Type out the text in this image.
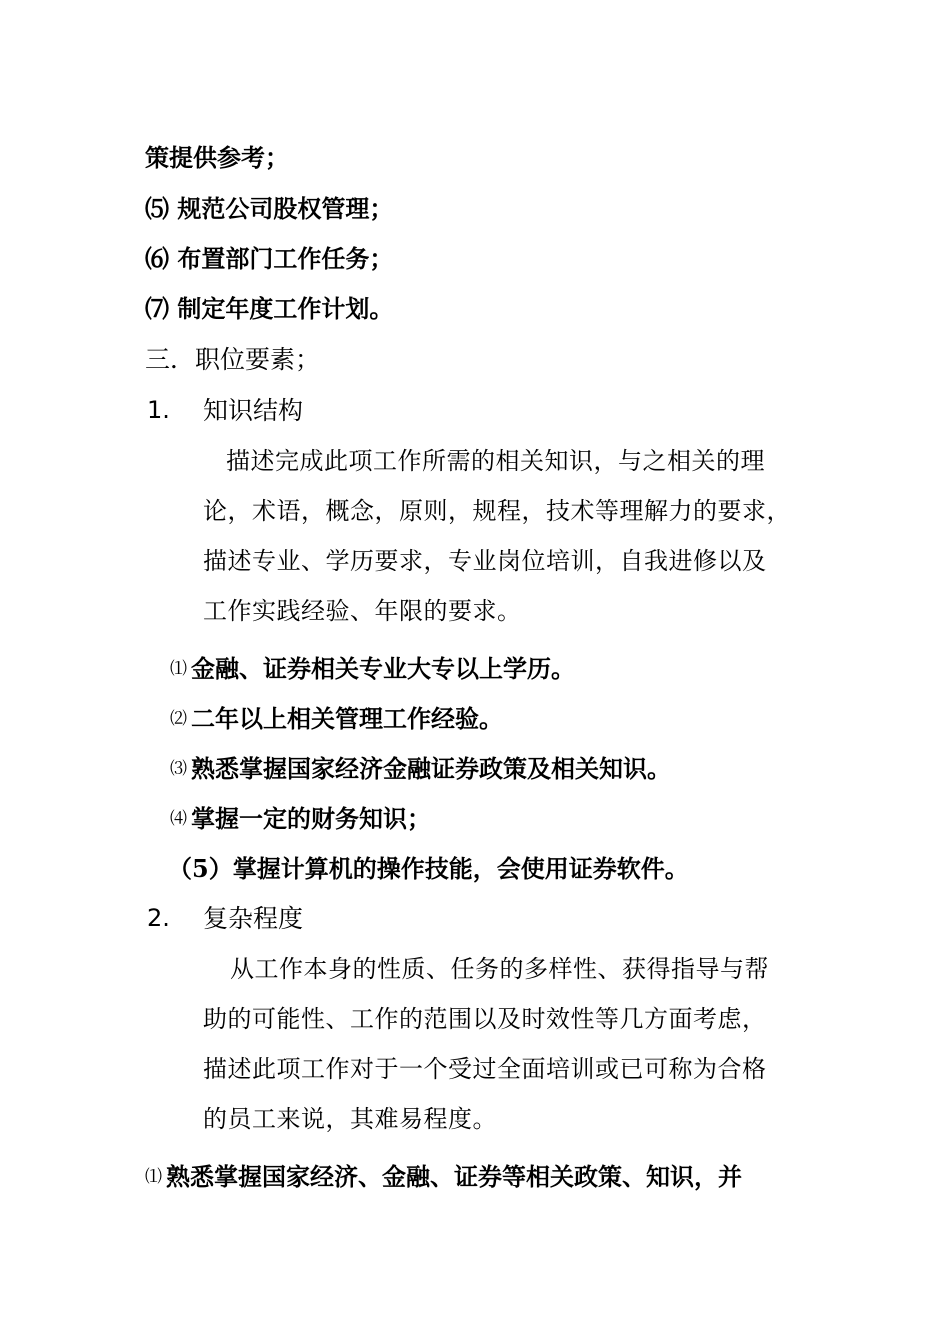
策提供参考；
⑸ 规范公司股权管理；
⑹ 布置部门工作任务；
⑺ 制定年度工作计划。
三．职位要素；
1. 知识结构
描述完成此项工作所需的相关知识，与之相关的理
论，术语，概念，原则，规程，技术等理解力的要求，
描述专业、学历要求，专业岗位培训，自我进修以及
工作实践经验、年限的要求。
⑴ 金融、证券相关专业大专以上学历。
⑵ 二年以上相关管理工作经验。
⑶ 熟悉掌握国家经济金融证券政策及相关知识。
⑷ 掌握一定的财务知识；
（5）掌握计算机的操作技能，会使用证券软件。
2. 复杂程度
从工作本身的性质、任务的多样性、获得指导与帮
助的可能性、工作的范围以及时效性等几方面考虑，
描述此项工作对于一个受过全面培训或已可称为合格
的员工来说，其难易程度。
⑴ 熟悉掌握国家经济、金融、证券等相关政策、知识，并
